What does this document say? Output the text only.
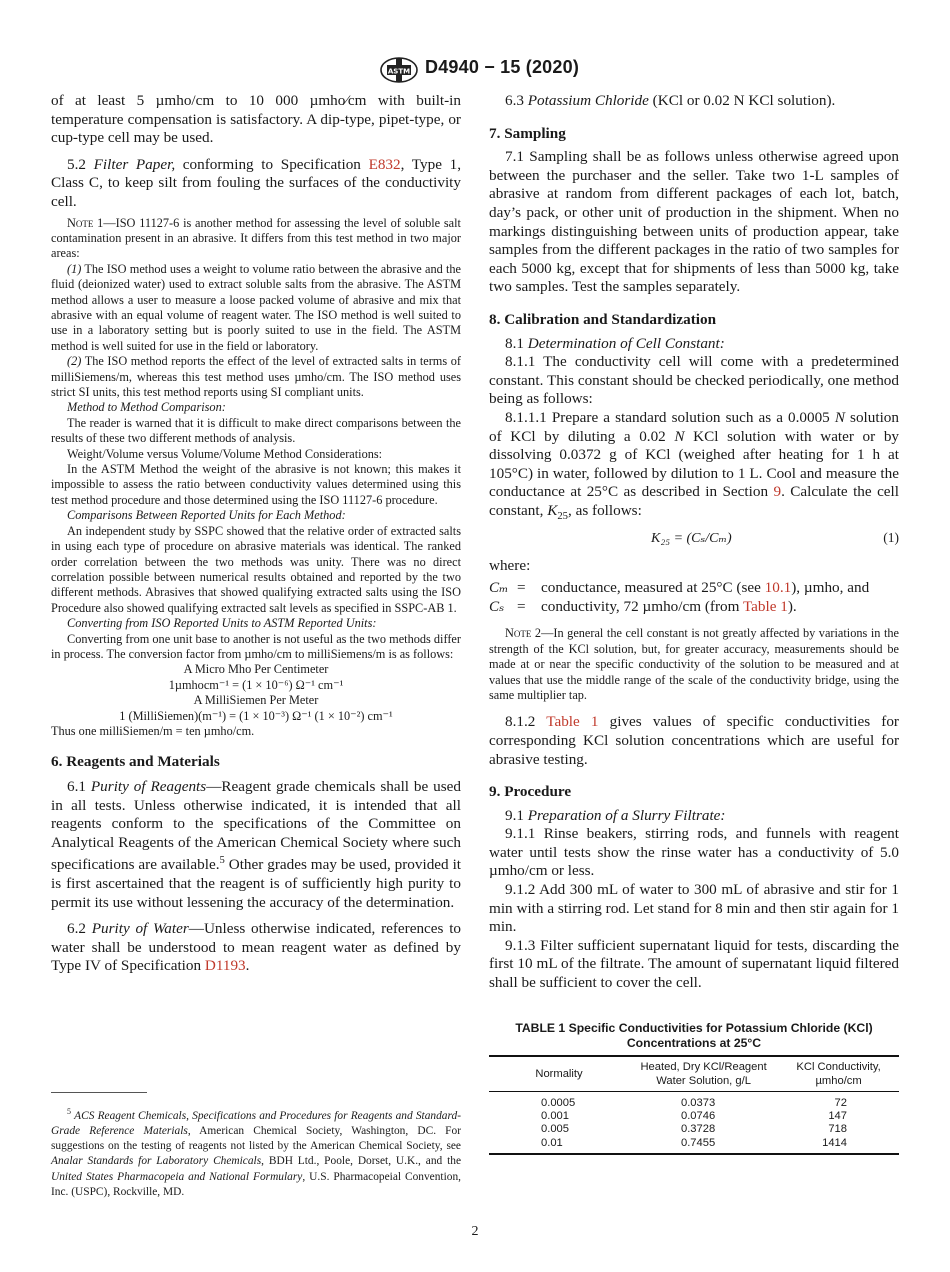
ASTM D4940 − 15 (2020)

of at least 5 µmho/cm to 10 000 µmho⁄cm with built-in temperature compensation is satisfactory. A dip-type, pipet-type, or cup-type cell may be used.

5.2 Filter Paper, conforming to Specification E832, Type 1, Class C, to keep silt from fouling the surfaces of the conductivity cell.

Note 1—ISO 11127-6 is another method for assessing the level of soluble salt contamination present in an abrasive. It differs from this test method in two major areas:

(1) The ISO method uses a weight to volume ratio between the abrasive and the fluid (deionized water) used to extract soluble salts from the abrasive. The ASTM method allows a user to measure a loose packed volume of abrasive and mix that abrasive with an equal volume of reagent water. The ISO method is well suited to use in a laboratory setting but is poorly suited to use in the field. The ASTM method is well suited for use in the field or laboratory.

(2) The ISO method reports the effect of the level of extracted salts in terms of milliSiemens/m, whereas this test method uses µmho/cm. The ISO method uses strict SI units, this test method reports using SI compliant units.

Method to Method Comparison:

The reader is warned that it is difficult to make direct comparisons between the results of these two different methods of analysis.

Weight/Volume versus Volume/Volume Method Considerations:

In the ASTM Method the weight of the abrasive is not known; this makes it impossible to assess the ratio between conductivity values determined using this test method procedure and those determined using the ISO 11127-6 procedure.

Comparisons Between Reported Units for Each Method:

An independent study by SSPC showed that the relative order of extracted salts in using each type of procedure on abrasive materials was identical. The ranked order correlation between the two methods was unity. There was no direct correlation possible between numerical results obtained and reported by the two different methods. Abrasives that showed qualifying extracted salts using the ISO Procedure also showed qualifying extracted salt levels as specified in SSPC-AB 1.

Converting from ISO Reported Units to ASTM Reported Units:

Converting from one unit base to another is not useful as the two methods differ in process. The conversion factor from µmho/cm to milliSiemens/m is as follows:

A Micro Mho Per Centimeter

1µmhocm⁻¹ = (1 × 10⁻⁶) Ω⁻¹ cm⁻¹

A MilliSiemen Per Meter

1 (MilliSiemen)(m⁻¹) = (1 × 10⁻³) Ω⁻¹ (1 × 10⁻²) cm⁻¹

Thus one milliSiemen/m = ten µmho/cm.

6. Reagents and Materials

6.1 Purity of Reagents—Reagent grade chemicals shall be used in all tests. Unless otherwise indicated, it is intended that all reagents conform to the specifications of the Committee on Analytical Reagents of the American Chemical Society where such specifications are available.$^5$ Other grades may be used, provided it is first ascertained that the reagent is of sufficiently high purity to permit its use without lessening the accuracy of the determination.

6.2 Purity of Water—Unless otherwise indicated, references to water shall be understood to mean reagent water as defined by Type IV of Specification D1193.

$^5$ ACS Reagent Chemicals, Specifications and Procedures for Reagents and Standard-Grade Reference Materials, American Chemical Society, Washington, DC. For suggestions on the testing of reagents not listed by the American Chemical Society, see Analar Standards for Laboratory Chemicals, BDH Ltd., Poole, Dorset, U.K., and the United States Pharmacopeia and National Formulary, U.S. Pharmacopeial Convention, Inc. (USPC), Rockville, MD.

6.3 Potassium Chloride (KCl or 0.02 N KCl solution).

7. Sampling

7.1 Sampling shall be as follows unless otherwise agreed upon between the purchaser and the seller. Take two 1-L samples of abrasive at random from different packages of each lot, batch, day’s pack, or other unit of production in the shipment. When no markings distinguishing between units of production appear, take samples from the different packages in the ratio of two samples for each 5000 kg, except that for shipments of less than 5000 kg, take two samples. Test the samples separately.

8. Calibration and Standardization

8.1 Determination of Cell Constant:

8.1.1 The conductivity cell will come with a predetermined constant. This constant should be checked periodically, one method being as follows:

8.1.1.1 Prepare a standard solution such as a 0.0005 N solution of KCl by diluting a 0.02 N KCl solution with water or by dissolving 0.0372 g of KCl (weighed after heating for 1 h at 105°C) in water, followed by dilution to 1 L. Cool and measure the conductance at 25°C as described in Section 9. Calculate the cell constant, $K_{25}$, as follows:

K₂₅ = (Cₛ/Cₘ)	(1)

where:

Cₘ =	conductance, measured at 25°C (see 10.1), µmho, and
Cₛ =	conductivity, 72 µmho/cm (from Table 1).

Note 2—In general the cell constant is not greatly affected by variations in the strength of the KCl solution, but, for greater accuracy, measurements should be made at or near the specific conductivity of the solution to be measured and at values that use the middle range of the scale of the conductivity bridge, using the same multiplier tap.

8.1.2 Table 1 gives values of specific conductivities for corresponding KCl solution concentrations which are useful for abrasive testing.

9. Procedure

9.1 Preparation of a Slurry Filtrate:

9.1.1 Rinse beakers, stirring rods, and funnels with reagent water until tests show the rinse water has a conductivity of 5.0 µmho/cm or less.

9.1.2 Add 300 mL of water to 300 mL of abrasive and stir for 1 min with a stirring rod. Let stand for 8 min and then stir again for 1 min.

9.1.3 Filter sufficient supernatant liquid for tests, discarding the first 10 mL of the filtrate. The amount of supernatant liquid filtered shall be sufficient to cover the cell.

TABLE 1 Specific Conductivities for Potassium Chloride (KCl)

Concentrations at 25°C

Normality	Heated, Dry KCl/Reagent
Water Solution, g/L	KCl Conductivity,
µmho/cm
0.0005	0.0373	72
0.001	0.0746	147
0.005	0.3728	718
0.01	0.7455	1414
2
